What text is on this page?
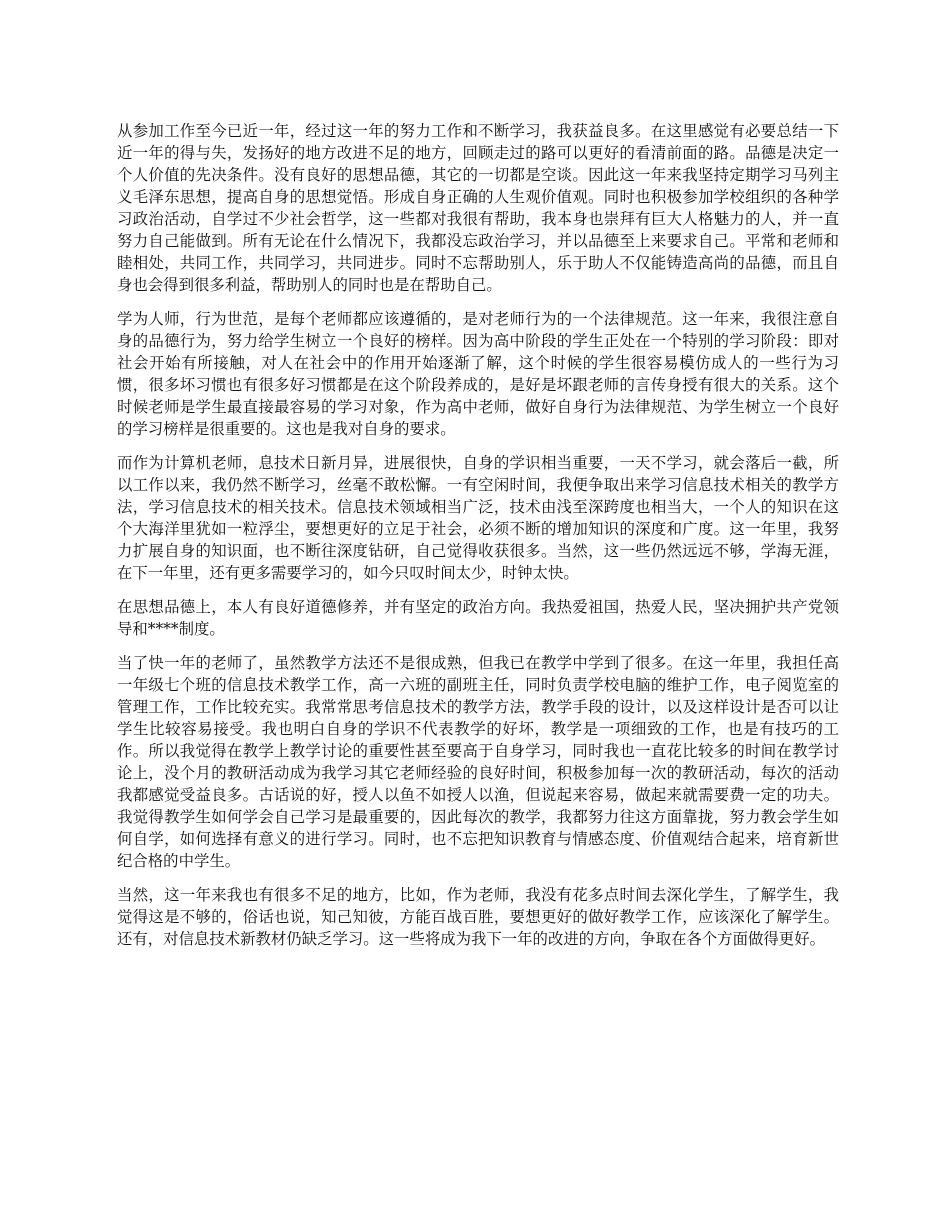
从参加工作至今已近一年，经过这一年的努力工作和不断学习，我获益良多。在这里感觉有必要总结一下近一年的得与失，发扬好的地方改进不足的地方，回顾走过的路可以更好的看清前面的路。品德是决定一个人价值的先决条件。没有良好的思想品德，其它的一切都是空谈。因此这一年来我坚持定期学习马列主义毛泽东思想，提高自身的思想觉悟。形成自身正确的人生观价值观。同时也积极参加学校组织的各种学习政治活动，自学过不少社会哲学，这一些都对我很有帮助，我本身也崇拜有巨大人格魅力的人，并一直努力自己能做到。所有无论在什么情况下，我都没忘政治学习，并以品德至上来要求自己。平常和老师和睦相处，共同工作，共同学习，共同进步。同时不忘帮助别人，乐于助人不仅能铸造高尚的品德，而且自身也会得到很多利益，帮助别人的同时也是在帮助自己。

学为人师，行为世范，是每个老师都应该遵循的，是对老师行为的一个法律规范。这一年来，我很注意自身的品德行为，努力给学生树立一个良好的榜样。因为高中阶段的学生正处在一个特别的学习阶段：即对社会开始有所接触，对人在社会中的作用开始逐渐了解，这个时候的学生很容易模仿成人的一些行为习惯，很多坏习惯也有很多好习惯都是在这个阶段养成的，是好是坏跟老师的言传身授有很大的关系。这个时候老师是学生最直接最容易的学习对象，作为高中老师，做好自身行为法律规范、为学生树立一个良好的学习榜样是很重要的。这也是我对自身的要求。

而作为计算机老师，息技术日新月异，进展很快，自身的学识相当重要，一天不学习，就会落后一截，所以工作以来，我仍然不断学习，丝毫不敢松懈。一有空闲时间，我便争取出来学习信息技术相关的教学方法，学习信息技术的相关技术。信息技术领域相当广泛，技术由浅至深跨度也相当大，一个人的知识在这个大海洋里犹如一粒浮尘，要想更好的立足于社会，必须不断的增加知识的深度和广度。这一年里，我努力扩展自身的知识面，也不断往深度钻研，自己觉得收获很多。当然，这一些仍然远远不够，学海无涯，在下一年里，还有更多需要学习的，如今只叹时间太少，时钟太快。

在思想品德上，本人有良好道德修养，并有坚定的政治方向。我热爱祖国，热爱人民，坚决拥护共产党领导和****制度。

当了快一年的老师了，虽然教学方法还不是很成熟，但我已在教学中学到了很多。在这一年里，我担任高一年级七个班的信息技术教学工作，高一六班的副班主任，同时负责学校电脑的维护工作，电子阅览室的管理工作，工作比较充实。我常常思考信息技术的教学方法，教学手段的设计，以及这样设计是否可以让学生比较容易接受。我也明白自身的学识不代表教学的好坏，教学是一项细致的工作，也是有技巧的工作。所以我觉得在教学上教学讨论的重要性甚至要高于自身学习，同时我也一直花比较多的时间在教学讨论上，没个月的教研活动成为我学习其它老师经验的良好时间，积极参加每一次的教研活动，每次的活动我都感觉受益良多。古话说的好，授人以鱼不如授人以渔，但说起来容易，做起来就需要费一定的功夫。我觉得教学生如何学会自己学习是最重要的，因此每次的教学，我都努力往这方面靠拢，努力教会学生如何自学，如何选择有意义的进行学习。同时，也不忘把知识教育与情感态度、价值观结合起来，培育新世纪合格的中学生。

当然，这一年来我也有很多不足的地方，比如，作为老师，我没有花多点时间去深化学生，了解学生，我觉得这是不够的，俗话也说，知己知彼，方能百战百胜，要想更好的做好教学工作，应该深化了解学生。还有，对信息技术新教材仍缺乏学习。这一些将成为我下一年的改进的方向，争取在各个方面做得更好。
